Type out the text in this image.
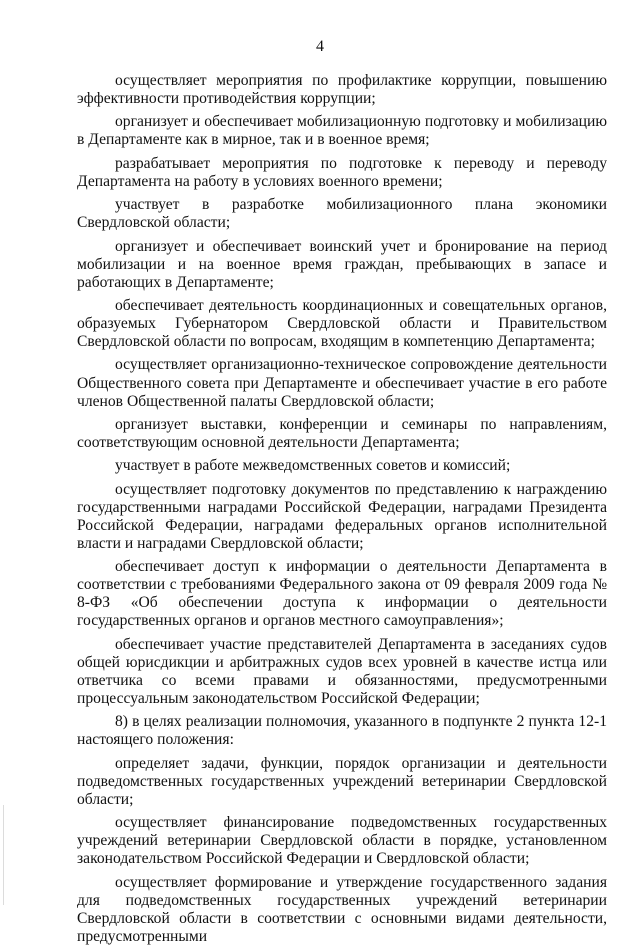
4

осуществляет мероприятия по профилактике коррупции, повышению эффективности противодействия коррупции;

организует и обеспечивает мобилизационную подготовку и мобилизацию в Департаменте как в мирное, так и в военное время;

разрабатывает мероприятия по подготовке к переводу и переводу Департамента на работу в условиях военного времени;

участвует в разработке мобилизационного плана экономики Свердловской области;

организует и обеспечивает воинский учет и бронирование на период мобилизации и на военное время граждан, пребывающих в запасе и работающих в Департаменте;

обеспечивает деятельность координационных и совещательных органов, образуемых Губернатором Свердловской области и Правительством Свердловской области по вопросам, входящим в компетенцию Департамента;

осуществляет организационно-техническое сопровождение деятельности Общественного совета при Департаменте и обеспечивает участие в его работе членов Общественной палаты Свердловской области;

организует выставки, конференции и семинары по направлениям, соответствующим основной деятельности Департамента;

участвует в работе межведомственных советов и комиссий;

осуществляет подготовку документов по представлению к награждению государственными наградами Российской Федерации, наградами Президента Российской Федерации, наградами федеральных органов исполнительной власти и наградами Свердловской области;

обеспечивает доступ к информации о деятельности Департамента в соответствии с требованиями Федерального закона от 09 февраля 2009 года № 8-ФЗ «Об обеспечении доступа к информации о деятельности государственных органов и органов местного самоуправления»;

обеспечивает участие представителей Департамента в заседаниях судов общей юрисдикции и арбитражных судов всех уровней в качестве истца или ответчика со всеми правами и обязанностями, предусмотренными процессуальным законодательством Российской Федерации;

8) в целях реализации полномочия, указанного в подпункте 2 пункта 12-1 настоящего положения:

определяет задачи, функции, порядок организации и деятельности подведомственных государственных учреждений ветеринарии Свердловской области;

осуществляет финансирование подведомственных государственных учреждений ветеринарии Свердловской области в порядке, установленном законодательством Российской Федерации и Свердловской области;

осуществляет формирование и утверждение государственного задания для подведомственных государственных учреждений ветеринарии Свердловской области в соответствии с основными видами деятельности, предусмотренными
